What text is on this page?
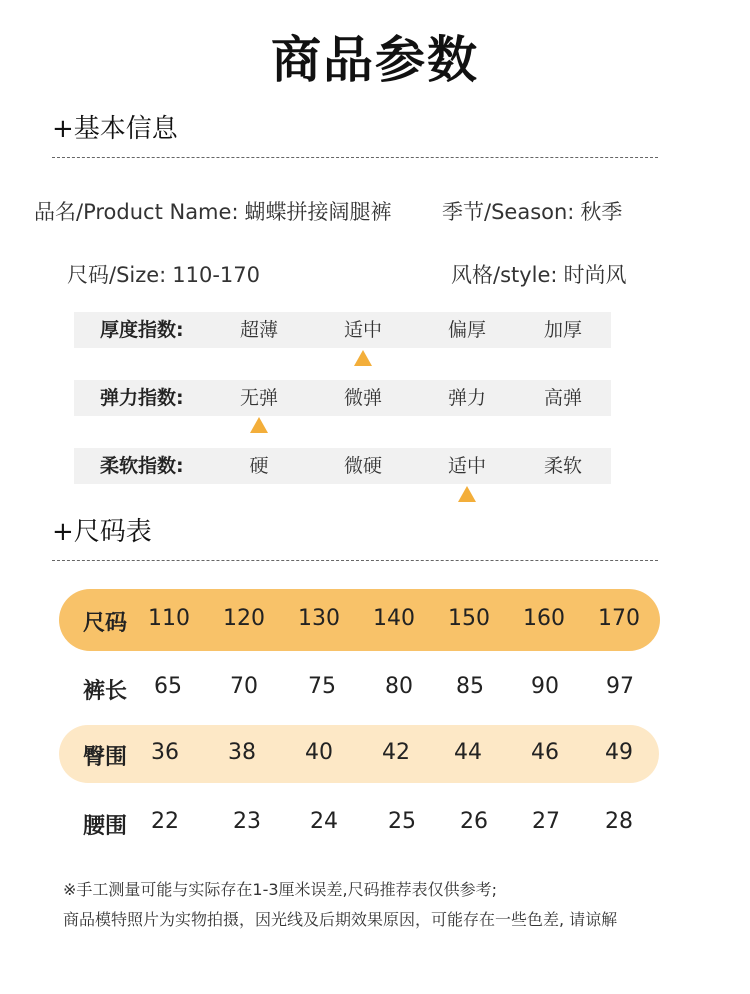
商品参数
+基本信息
品名/Product Name: 蝴蝶拼接阔腿裤 季节/Season: 秋季
尺码/Size: 110-170	风格/style: 时尚风
厚度指数:	超薄	适中	偏厚	加厚
弹力指数:	无弹	微弹	弹力	高弹
柔软指数:	硬	微硬	适中	柔软
+尺码表
尺码 110	120	130	140	150	160	170
裤长	65	70	75	80	85	90	97
臀围	36	38	40	42	44	46	49
腰围	22	23	24	25	26	27	28
※手工测量可能与实际存在1-3厘米误差,尺码推荐表仅供参考;
商品模特照片为实物拍摄，因光线及后期效果原因，可能存在一些色差, 请谅解
